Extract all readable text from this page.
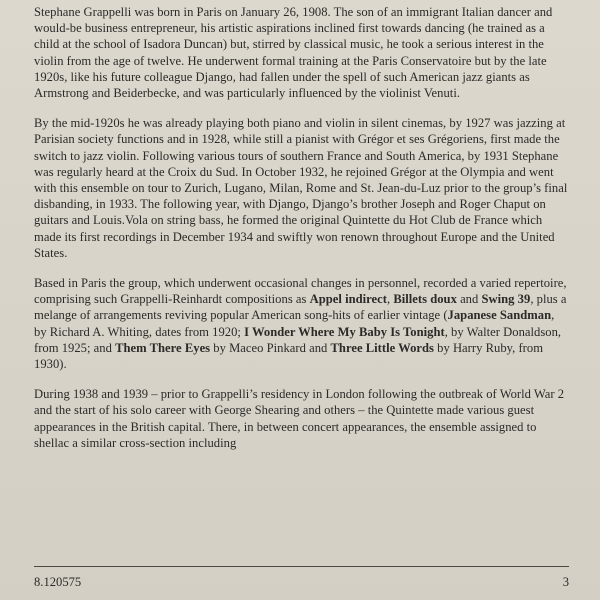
Stephane Grappelli was born in Paris on January 26, 1908. The son of an immigrant Italian dancer and would-be business entrepreneur, his artistic aspirations inclined first towards dancing (he trained as a child at the school of Isadora Duncan) but, stirred by classical music, he took a serious interest in the violin from the age of twelve. He underwent formal training at the Paris Conservatoire but by the late 1920s, like his future colleague Django, had fallen under the spell of such American jazz giants as Armstrong and Beiderbecke, and was particularly influenced by the violinist Venuti.

By the mid-1920s he was already playing both piano and violin in silent cinemas, by 1927 was jazzing at Parisian society functions and in 1928, while still a pianist with Grégor et ses Grégoriens, first made the switch to jazz violin. Following various tours of southern France and South America, by 1931 Stephane was regularly heard at the Croix du Sud. In October 1932, he rejoined Grégor at the Olympia and went with this ensemble on tour to Zurich, Lugano, Milan, Rome and St. Jean-du-Luz prior to the group’s final disbanding, in 1933. The following year, with Django, Django’s brother Joseph and Roger Chaput on guitars and Louis.Vola on string bass, he formed the original Quintette du Hot Club de France which made its first recordings in December 1934 and swiftly won renown throughout Europe and the United States.

Based in Paris the group, which underwent occasional changes in personnel, recorded a varied repertoire, comprising such Grappelli-Reinhardt compositions as Appel indirect, Billets doux and Swing 39, plus a melange of arrangements reviving popular American song-hits of earlier vintage (Japanese Sandman, by Richard A. Whiting, dates from 1920; I Wonder Where My Baby Is Tonight, by Walter Donaldson, from 1925; and Them There Eyes by Maceo Pinkard and Three Little Words by Harry Ruby, from 1930).

During 1938 and 1939 – prior to Grappelli’s residency in London following the outbreak of World War 2 and the start of his solo career with George Shearing and others – the Quintette made various guest appearances in the British capital. There, in between concert appearances, the ensemble assigned to shellac a similar cross-section including

8.120575	3
